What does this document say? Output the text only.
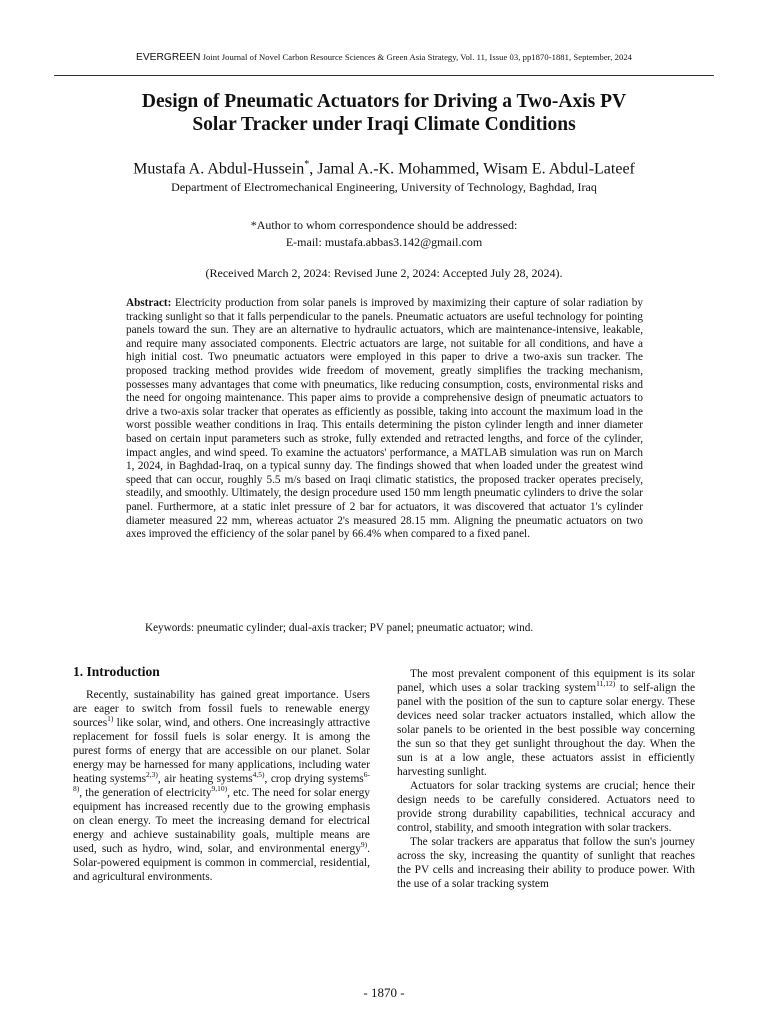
EVERGREEN Joint Journal of Novel Carbon Resource Sciences & Green Asia Strategy, Vol. 11, Issue 03, pp1870-1881, September, 2024
Design of Pneumatic Actuators for Driving a Two-Axis PV
Solar Tracker under Iraqi Climate Conditions
Mustafa A. Abdul-Hussein*, Jamal A.-K. Mohammed, Wisam E. Abdul-Lateef
Department of Electromechanical Engineering, University of Technology, Baghdad, Iraq
*Author to whom correspondence should be addressed:
E-mail: mustafa.abbas3.142@gmail.com
(Received March 2, 2024: Revised June 2, 2024: Accepted July 28, 2024).
Abstract: Electricity production from solar panels is improved by maximizing their capture of solar radiation by tracking sunlight so that it falls perpendicular to the panels. Pneumatic actuators are useful technology for pointing panels toward the sun. They are an alternative to hydraulic actuators, which are maintenance-intensive, leakable, and require many associated components. Electric actuators are large, not suitable for all conditions, and have a high initial cost. Two pneumatic actuators were employed in this paper to drive a two-axis sun tracker. The proposed tracking method provides wide freedom of movement, greatly simplifies the tracking mechanism, possesses many advantages that come with pneumatics, like reducing consumption, costs, environmental risks and the need for ongoing maintenance. This paper aims to provide a comprehensive design of pneumatic actuators to drive a two-axis solar tracker that operates as efficiently as possible, taking into account the maximum load in the worst possible weather conditions in Iraq. This entails determining the piston cylinder length and inner diameter based on certain input parameters such as stroke, fully extended and retracted lengths, and force of the cylinder, impact angles, and wind speed. To examine the actuators' performance, a MATLAB simulation was run on March 1, 2024, in Baghdad-Iraq, on a typical sunny day. The findings showed that when loaded under the greatest wind speed that can occur, roughly 5.5 m/s based on Iraqi climatic statistics, the proposed tracker operates precisely, steadily, and smoothly. Ultimately, the design procedure used 150 mm length pneumatic cylinders to drive the solar panel. Furthermore, at a static inlet pressure of 2 bar for actuators, it was discovered that actuator 1's cylinder diameter measured 22 mm, whereas actuator 2's measured 28.15 mm. Aligning the pneumatic actuators on two axes improved the efficiency of the solar panel by 66.4% when compared to a fixed panel.
Keywords: pneumatic cylinder; dual-axis tracker; PV panel; pneumatic actuator; wind.
1. Introduction

Recently, sustainability has gained great importance. Users are eager to switch from fossil fuels to renewable energy sources$^{1)}$ like solar, wind, and others. One increasingly attractive replacement for fossil fuels is solar energy. It is among the purest forms of energy that are accessible on our planet. Solar energy may be harnessed for many applications, including water heating systems$^{2,3)}$, air heating systems$^{4,5)}$, crop drying systems$^{6-8)}$, the generation of electricity$^{9,10)}$, etc. The need for solar energy equipment has increased recently due to the growing emphasis on clean energy. To meet the increasing demand for electrical energy and achieve sustainability goals, multiple means are used, such as hydro, wind, solar, and environmental energy$^{9)}$. Solar-powered equipment is common in commercial, residential, and agricultural environments.

The most prevalent component of this equipment is its solar panel, which uses a solar tracking system$^{11,12)}$ to self-align the panel with the position of the sun to capture solar energy. These devices need solar tracker actuators installed, which allow the solar panels to be oriented in the best possible way concerning the sun so that they get sunlight throughout the day. When the sun is at a low angle, these actuators assist in efficiently harvesting sunlight.

Actuators for solar tracking systems are crucial; hence their design needs to be carefully considered. Actuators need to provide strong durability capabilities, technical accuracy and control, stability, and smooth integration with solar trackers.

The solar trackers are apparatus that follow the sun's journey across the sky, increasing the quantity of sunlight that reaches the PV cells and increasing their ability to produce power. With the use of a solar tracking system

- 1870 -
